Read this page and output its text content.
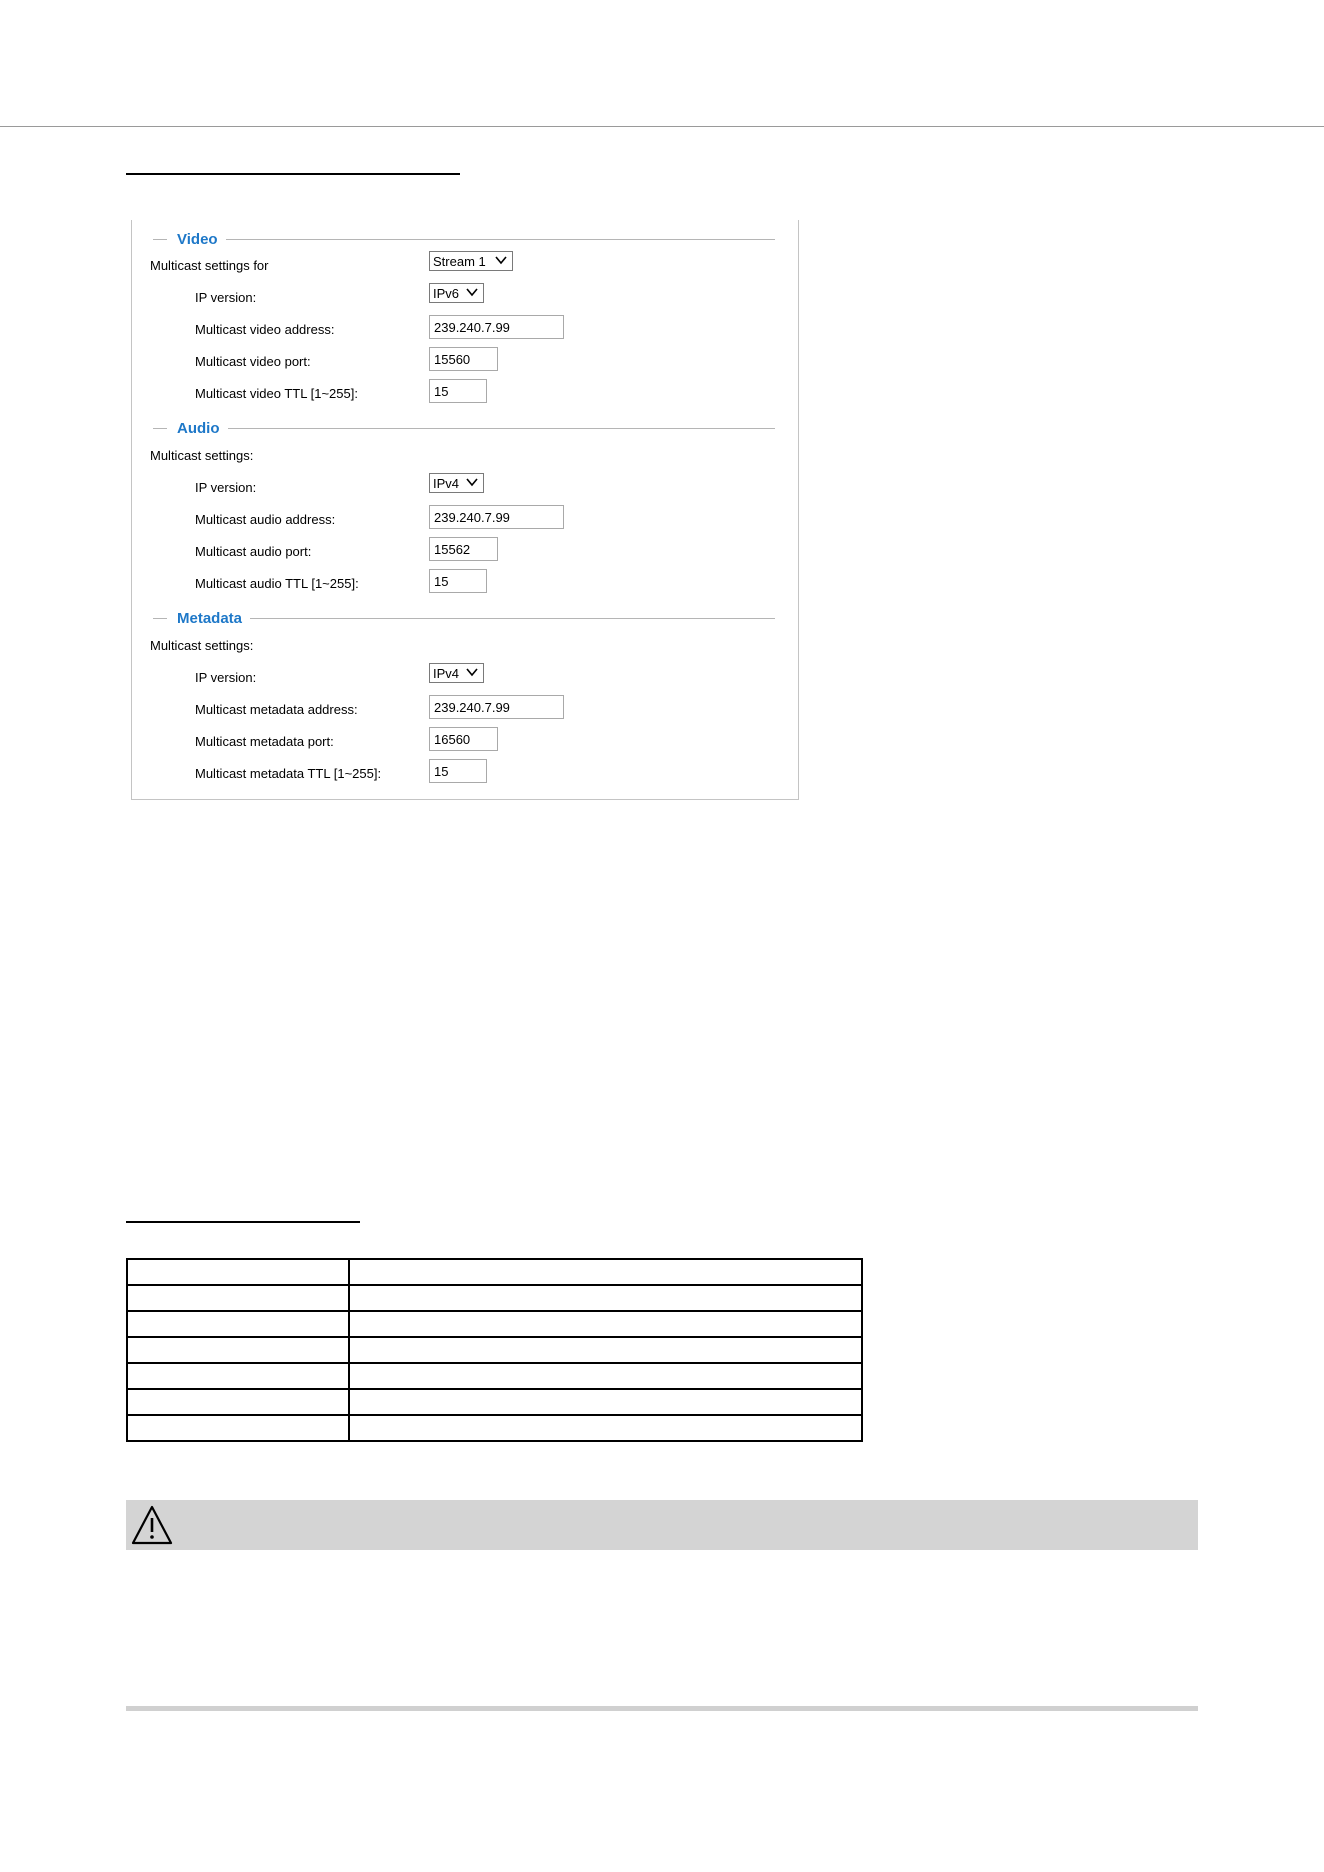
Video
Multicast settings for	Stream 1
IP version:	IPv6
Multicast video address:	239.240.7.99
Multicast video port:	15560
Multicast video TTL [1~255]:	15
Audio
Multicast settings:
IP version:	IPv4
Multicast audio address:	239.240.7.99
Multicast audio port:	15562
Multicast audio TTL [1~255]:	15
Metadata
Multicast settings:
IP version:	IPv4
Multicast metadata address:	239.240.7.99
Multicast metadata port:	16560
Multicast metadata TTL [1~255]:	15
